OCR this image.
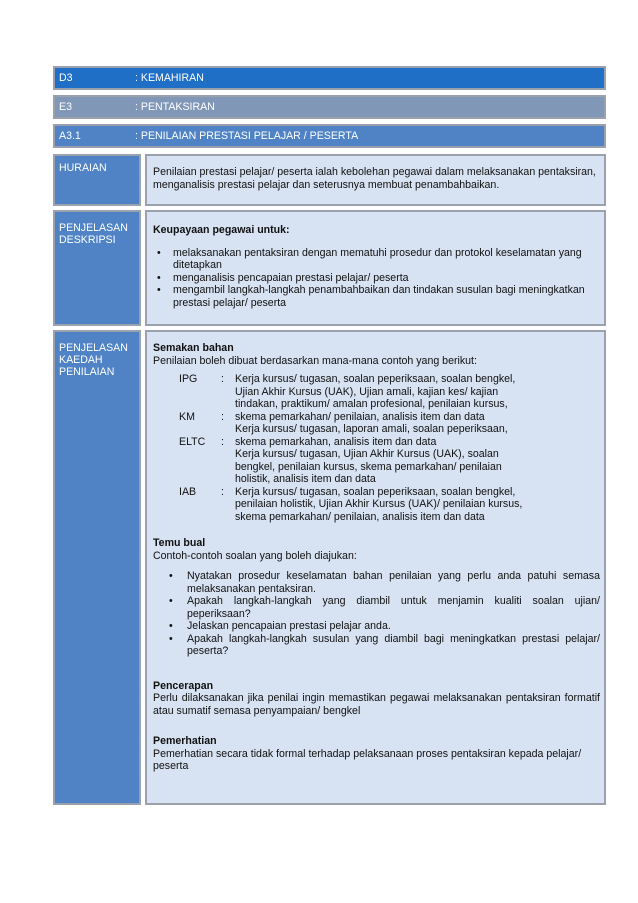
D3	: KEMAHIRAN
E3	: PENTAKSIRAN
A3.1	: PENILAIAN PRESTASI PELAJAR / PESERTA
HURAIAN	Penilaian prestasi pelajar/ peserta ialah kebolehan pegawai dalam melaksanakan pentaksiran, menganalisis prestasi pelajar dan seterusnya membuat penambahbaikan.
PENJELASAN DESKRIPSI
Keupayaan pegawai untuk:
• melaksanakan pentaksiran dengan mematuhi prosedur dan protokol keselamatan yang ditetapkan
• menganalisis pencapaian prestasi pelajar/ peserta
• mengambil langkah-langkah penambahbaikan dan tindakan susulan bagi meningkatkan prestasi pelajar/ peserta
PENJELASAN KAEDAH PENILAIAN
Semakan bahan
Penilaian boleh dibuat berdasarkan mana-mana contoh yang berikut:
IPG	:	Kerja kursus/ tugasan, soalan peperiksaan, soalan bengkel,
Ujian Akhir Kursus (UAK), Ujian amali, kajian kes/ kajian
tindakan, praktikum/ amalan profesional, penilaian kursus,

KM	:	skema pemarkahan/ penilaian, analisis item dan data
Kerja kursus/ tugasan, laporan amali, soalan peperiksaan,

ELTC	:	skema pemarkahan, analisis item dan data
Kerja kursus/ tugasan, Ujian Akhir Kursus (UAK), soalan
bengkel, penilaian kursus, skema pemarkahan/ penilaian
holistik, analisis item dan data

IAB	:	Kerja kursus/ tugasan, soalan peperiksaan, soalan bengkel,
penilaian holistik, Ujian Akhir Kursus (UAK)/ penilaian kursus,
skema pemarkahan/ penilaian, analisis item dan data
Temu bual
Contoh-contoh soalan yang boleh diajukan:
• Nyatakan prosedur keselamatan bahan penilaian yang perlu anda patuhi semasa melaksanakan pentaksiran.
• Apakah langkah-langkah yang diambil untuk menjamin kualiti soalan ujian/ peperiksaan?
• Jelaskan pencapaian prestasi pelajar anda.
• Apakah langkah-langkah susulan yang diambil bagi meningkatkan prestasi pelajar/ peserta?
Pencerapan
Perlu dilaksanakan jika penilai ingin memastikan pegawai melaksanakan pentaksiran formatif atau sumatif semasa penyampaian/ bengkel
Pemerhatian
Pemerhatian secara tidak formal terhadap pelaksanaan proses pentaksiran kepada pelajar/ peserta
